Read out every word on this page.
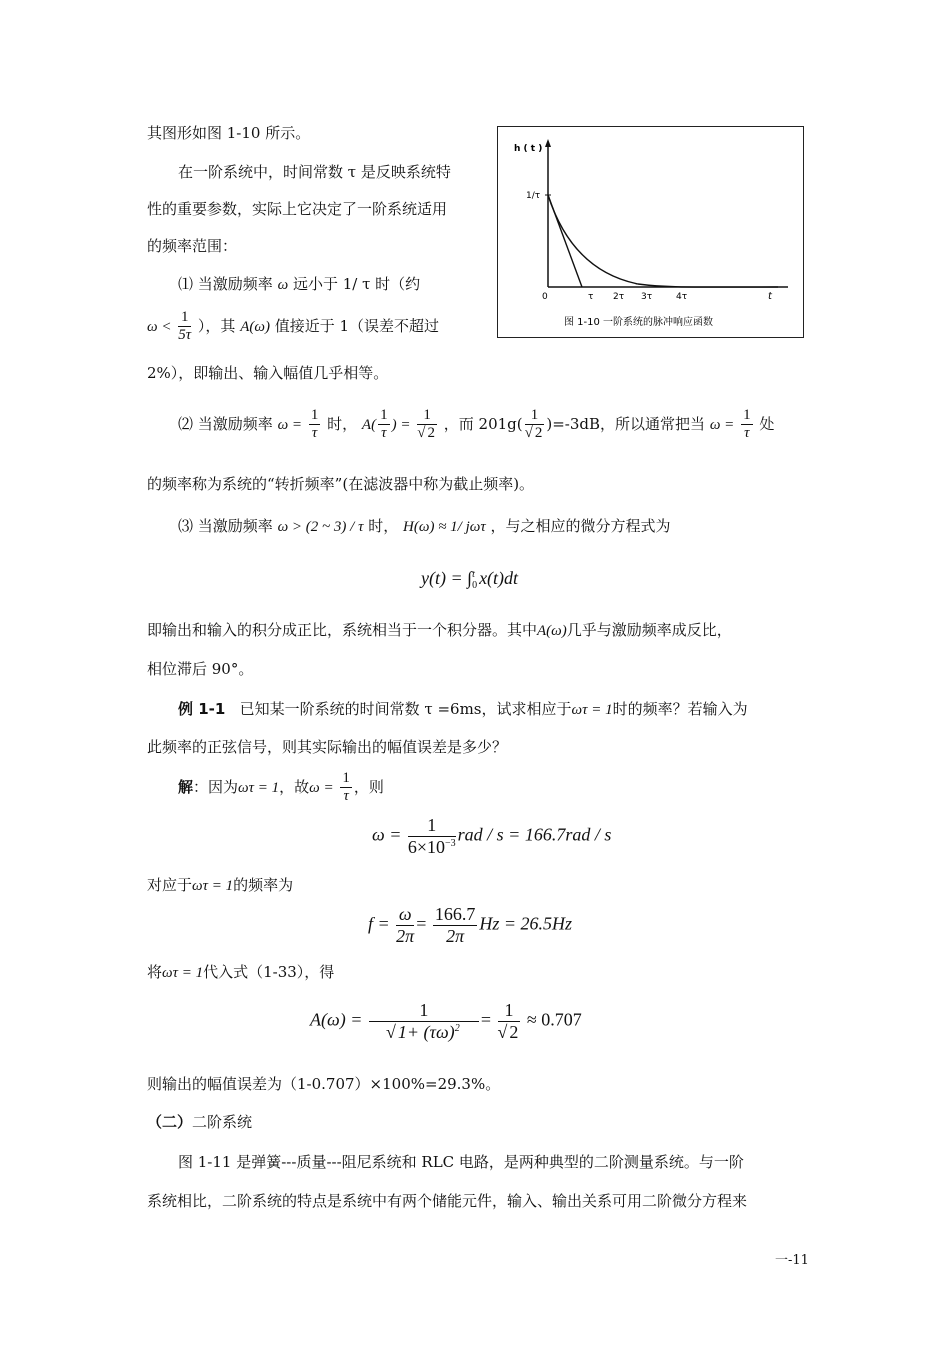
h ( t )
1/τ
0	τ 2τ 3τ	4τ	t
图 1-10 一阶系统的脉冲响应函数
其图形如图 1-10 所示。
在一阶系统中，时间常数 τ 是反映系统特
性的重要参数，实际上它决定了一阶系统适用
的频率范围：
⑴ 当激励频率 ω 远小于 1/ τ 时（约
$\omega < \frac{1}{5\tau}$ ），其 A(ω) 值接近于 1（误差不超过
2%），即输出、输入幅值几乎相等。
⑵ 当激励频率 $\omega = \frac{1}{\tau}$ 时， $A( \frac{1}{\tau}$ ) = $\frac{1}{√ 2}$ ，而 $201g( \frac{1}{√ 2} )=-3dB$，所以通常把当 $\omega = \frac{1}{\tau}$ 处
的频率称为系统的“转折频率”(在滤波器中称为截止频率)。
⑶ 当激励频率 ω > (2 ~ 3) / τ 时， H(ω) ≈ 1/ jωτ ，与之相应的微分方程式为
y(t) = ∫ t
0 x(t)dt
即输出和输入的积分成正比，系统相当于一个积分器。其中A(ω)几乎与激励频率成反比，
相位滞后 90°。
例 1-1 已知某一阶系统的时间常数 τ =6ms，试求相应于ωτ = 1时的频率？若输入为
此频率的正弦信号，则其实际输出的幅值误差是多少？
解：因为ωτ = 1，故$\omega = \frac{1}{\tau}$ ，则
$\omega = \frac{1}{6\times 10^{-3}}$ rad / s = 166.7rad / s
对应于ωτ = 1的频率为
$f = \frac{\omega}{2\pi} = \frac{166.7}{2\pi}$ Hz = 26.5Hz
将ωτ = 1代入式（1-33），得
$A(\omega) = \frac{1}{√ 1+ (\tau\omega)^2} = \frac{1}{√ 2} \approx 0.707$
则输出的幅值误差为（1-0.707）×100%=29.3%。
（二）二阶系统
图 1-11 是弹簧---质量---阻尼系统和 RLC 电路，是两种典型的二阶测量系统。与一阶
系统相比，二阶系统的特点是系统中有两个储能元件，输入、输出关系可用二阶微分方程来
一-11
